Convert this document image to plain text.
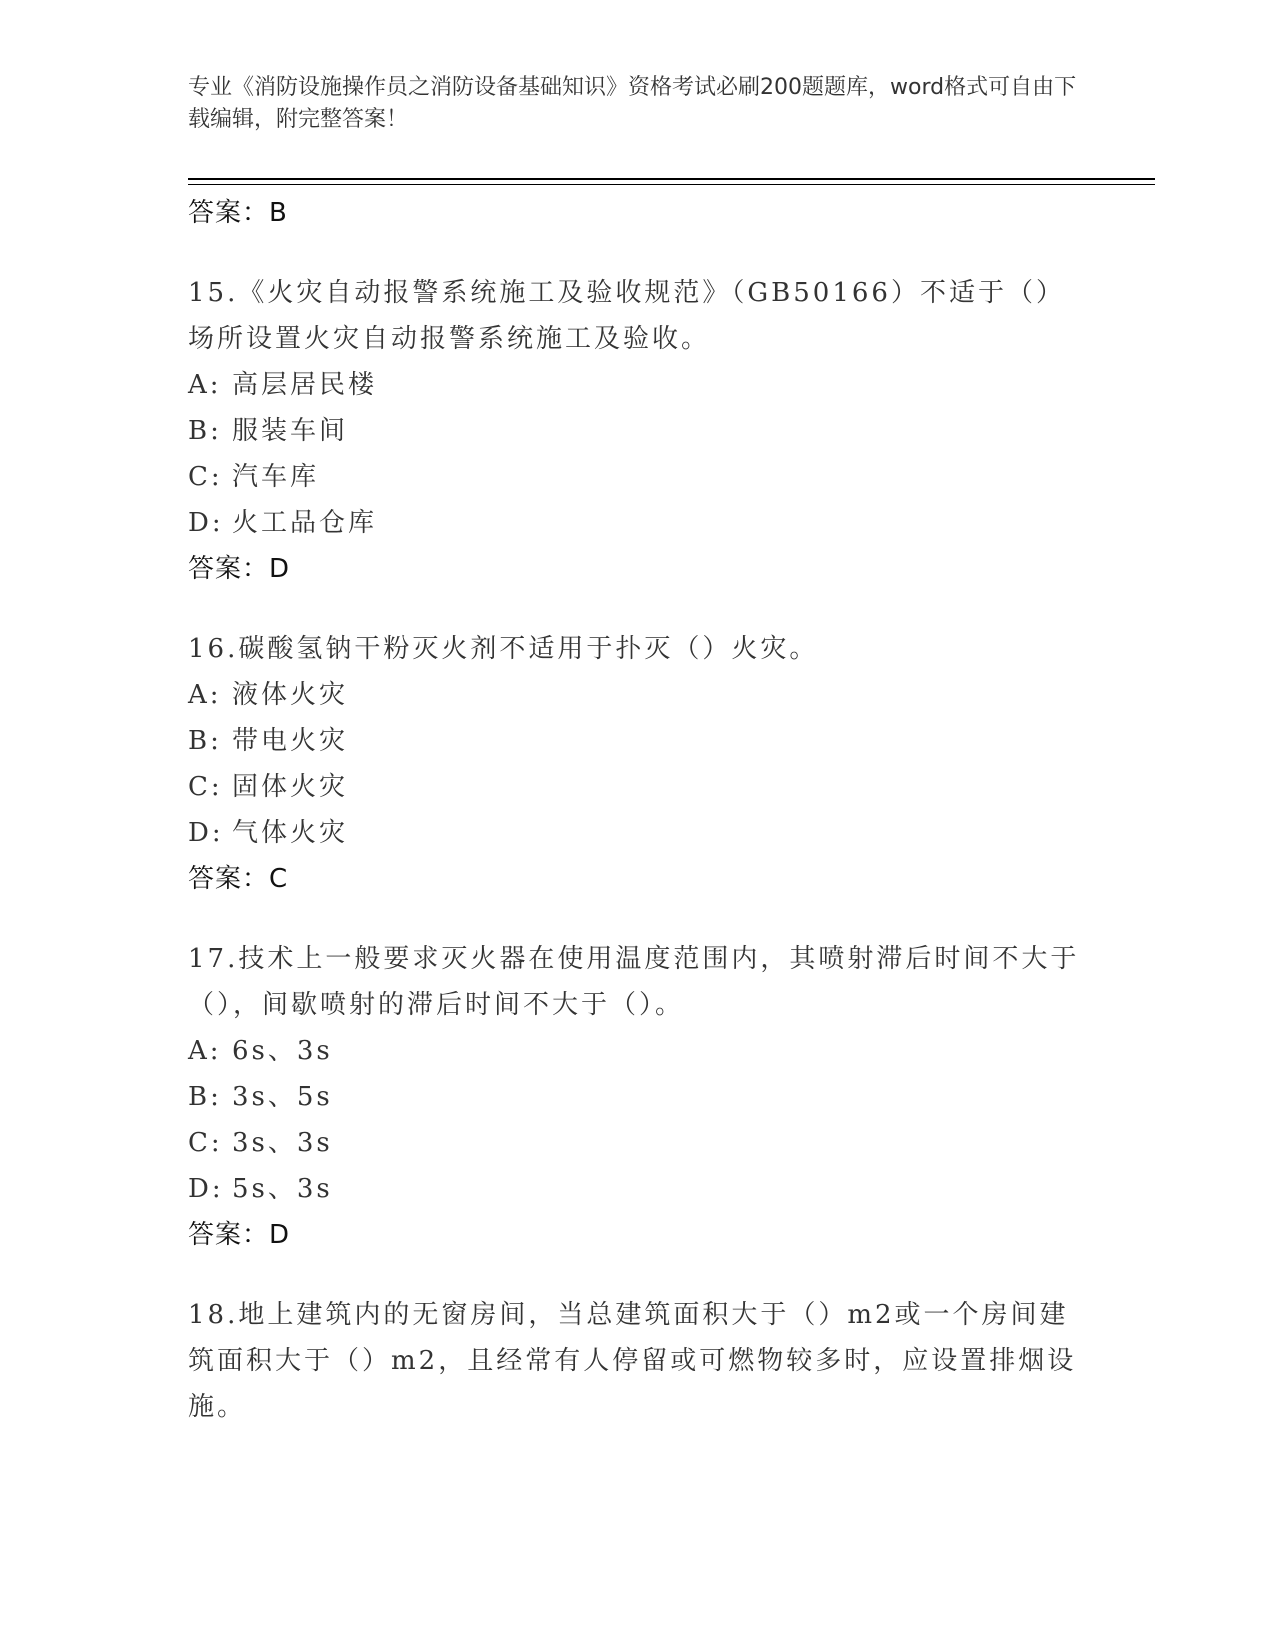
专业《消防设施操作员之消防设备基础知识》资格考试必刷200题题库，word格式可自由下载编辑，附完整答案！

答案：B

15.《火灾自动报警系统施工及验收规范》（GB50166）不适于（）场所设置火灾自动报警系统施工及验收。

A: 高层居民楼

B: 服装车间

C: 汽车库

D: 火工品仓库

答案：D

16.碳酸氢钠干粉灭火剂不适用于扑灭（）火灾。

A: 液体火灾

B: 带电火灾

C: 固体火灾

D: 气体火灾

答案：C

17.技术上一般要求灭火器在使用温度范围内，其喷射滞后时间不大于（），间歇喷射的滞后时间不大于（）。

A: 6s、3s

B: 3s、5s

C: 3s、3s

D: 5s、3s

答案：D

18.地上建筑内的无窗房间，当总建筑面积大于（）m2或一个房间建筑面积大于（）m2，且经常有人停留或可燃物较多时，应设置排烟设施。
